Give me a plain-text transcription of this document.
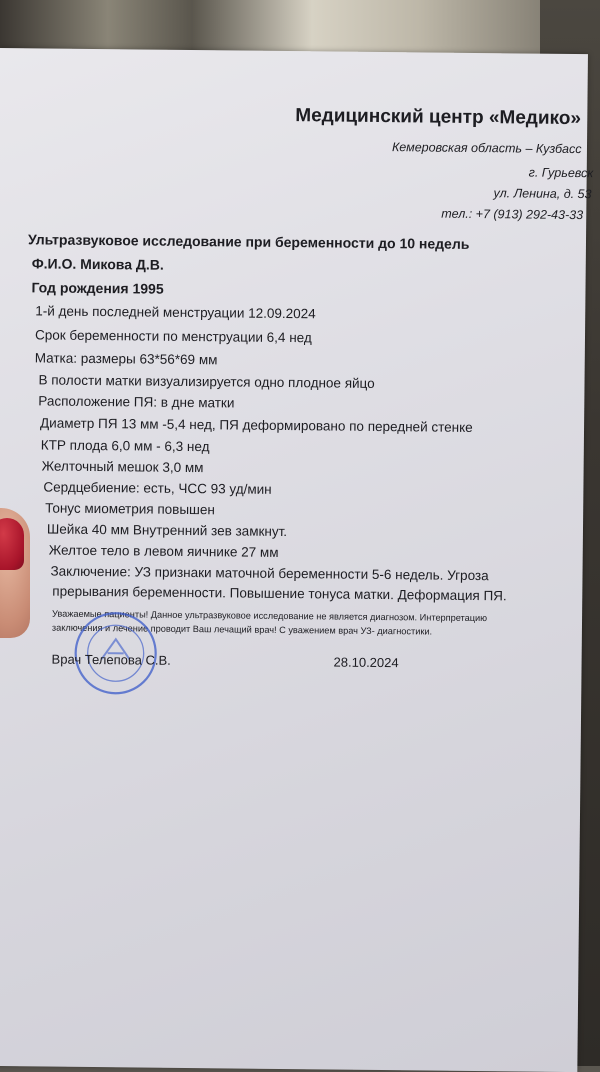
Медицинский центр «Медико»
Кемеровская область – Кузбасс
г. Гурьевск
ул. Ленина, д. 53
тел.: +7 (913) 292-43-33
Ультразвуковое исследование при беременности до 10 недель
Ф.И.О. Микова Д.В.
Год рождения 1995
1-й день последней менструации 12.09.2024
Срок беременности по менструации 6,4 нед
Матка: размеры 63*56*69 мм
В полости матки визуализируется одно плодное яйцо
Расположение ПЯ: в дне матки
Диаметр ПЯ 13 мм -5,4 нед, ПЯ деформировано по передней стенке
КТР плода 6,0 мм - 6,3 нед
Желточный мешок 3,0 мм
Сердцебиение: есть, ЧСС 93 уд/мин
Тонус миометрия повышен
Шейка 40 мм Внутренний зев замкнут.
Желтое тело в левом яичнике 27 мм
Заключение: УЗ признаки маточной беременности 5-6 недель. Угроза
прерывания беременности. Повышение тонуса матки. Деформация ПЯ.
Уважаемые пациенты! Данное ультразвуковое исследование не является диагнозом. Интерпретацию
заключения и лечение проводит Ваш лечащий врач! С уважением врач УЗ- диагностики.
Врач Телепова С.В.	28.10.2024
